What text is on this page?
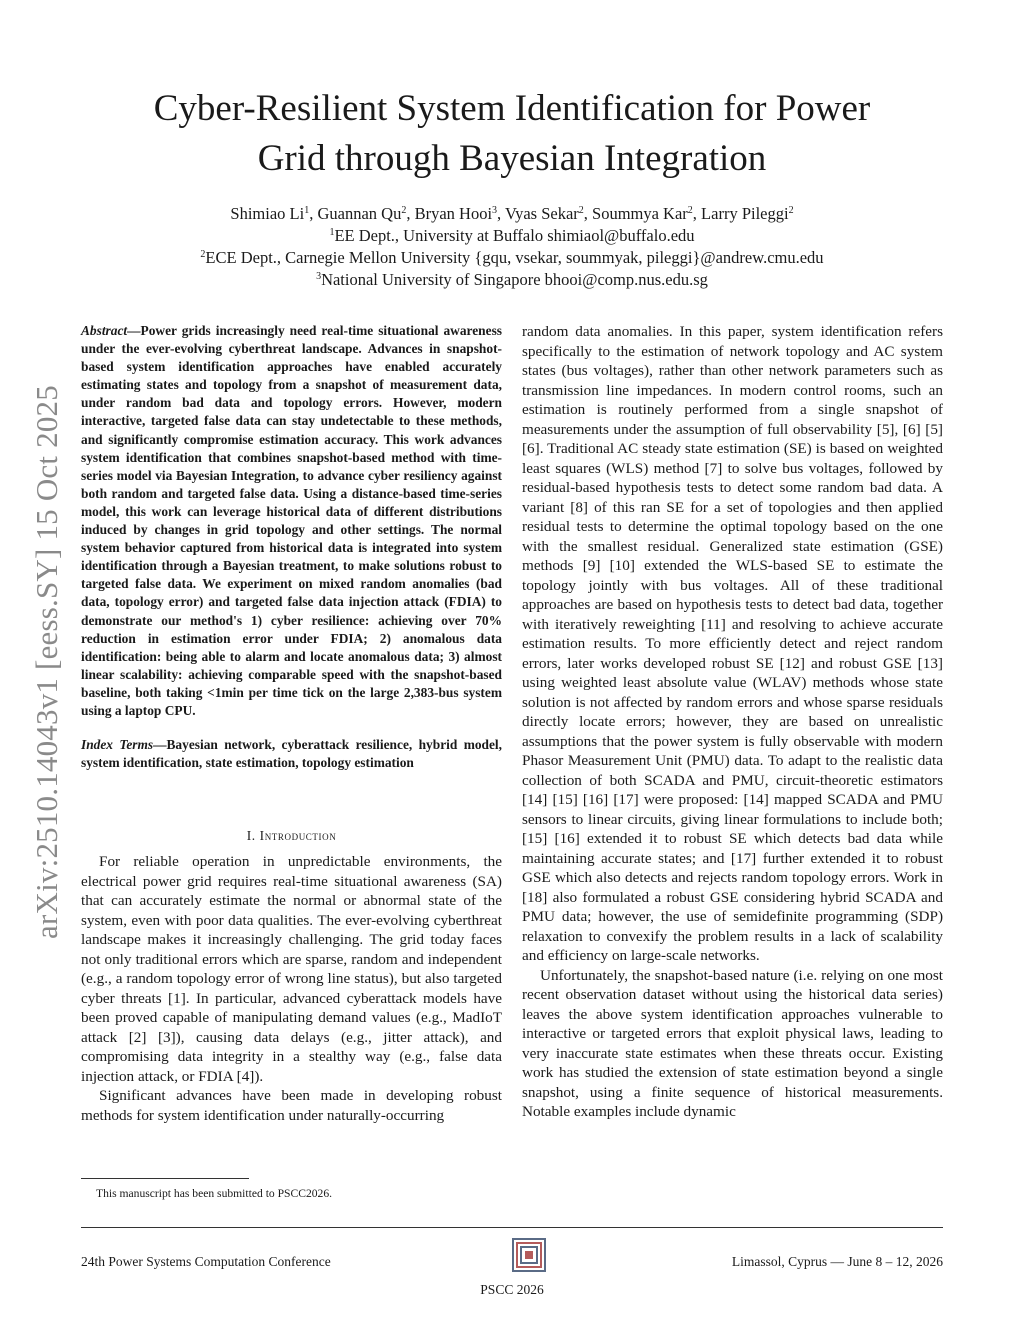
arXiv:2510.14043v1 [eess.SY] 15 Oct 2025
Cyber-Resilient System Identification for Power
Grid through Bayesian Integration
Shimiao Li$^1$, Guannan Qu$^2$, Bryan Hooi$^3$, Vyas Sekar$^2$, Soummya Kar$^2$, Larry Pileggi$^2$
$^1$EE Dept., University at Buffalo shimiaol@buffalo.edu
$^2$ECE Dept., Carnegie Mellon University {gqu, vsekar, soummyak, pileggi}@andrew.cmu.edu
$^3$National University of Singapore bhooi@comp.nus.edu.sg

Abstract—Power grids increasingly need real-time situational awareness under the ever-evolving cyberthreat landscape. Advances in snapshot-based system identification approaches have enabled accurately estimating states and topology from a snapshot of measurement data, under random bad data and topology errors. However, modern interactive, targeted false data can stay undetectable to these methods, and significantly compromise estimation accuracy. This work advances system identification that combines snapshot-based method with time-series model via Bayesian Integration, to advance cyber resiliency against both random and targeted false data. Using a distance-based time-series model, this work can leverage historical data of different distributions induced by changes in grid topology and other settings. The normal system behavior captured from historical data is integrated into system identification through a Bayesian treatment, to make solutions robust to targeted false data. We experiment on mixed random anomalies (bad data, topology error) and targeted false data injection attack (FDIA) to demonstrate our method's 1) cyber resilience: achieving over 70% reduction in estimation error under FDIA; 2) anomalous data identification: being able to alarm and locate anomalous data; 3) almost linear scalability: achieving comparable speed with the snapshot-based baseline, both taking <1min per time tick on the large 2,383-bus system using a laptop CPU.

Index Terms—Bayesian network, cyberattack resilience, hybrid model, system identification, state estimation, topology estimation

I. Introduction

For reliable operation in unpredictable environments, the electrical power grid requires real-time situational awareness (SA) that can accurately estimate the normal or abnormal state of the system, even with poor data qualities. The ever-evolving cyberthreat landscape makes it increasingly challenging. The grid today faces not only traditional errors which are sparse, random and independent (e.g., a random topology error of wrong line status), but also targeted cyber threats [1]. In particular, advanced cyberattack models have been proved capable of manipulating demand values (e.g., MadIoT attack [2] [3]), causing data delays (e.g., jitter attack), and compromising data integrity in a stealthy way (e.g., false data injection attack, or FDIA [4]).

Significant advances have been made in developing robust methods for system identification under naturally-occurring

random data anomalies. In this paper, system identification refers specifically to the estimation of network topology and AC system states (bus voltages), rather than other network parameters such as transmission line impedances. In modern control rooms, such an estimation is routinely performed from a single snapshot of measurements under the assumption of full observability [5], [6] [5] [6]. Traditional AC steady state estimation (SE) is based on weighted least squares (WLS) method [7] to solve bus voltages, followed by residual-based hypothesis tests to detect some random bad data. A variant [8] of this ran SE for a set of topologies and then applied residual tests to determine the optimal topology based on the one with the smallest residual. Generalized state estimation (GSE) methods [9] [10] extended the WLS-based SE to estimate the topology jointly with bus voltages. All of these traditional approaches are based on hypothesis tests to detect bad data, together with iteratively reweighting [11] and resolving to achieve accurate estimation results. To more efficiently detect and reject random errors, later works developed robust SE [12] and robust GSE [13] using weighted least absolute value (WLAV) methods whose state solution is not affected by random errors and whose sparse residuals directly locate errors; however, they are based on unrealistic assumptions that the power system is fully observable with modern Phasor Measurement Unit (PMU) data. To adapt to the realistic data collection of both SCADA and PMU, circuit-theoretic estimators [14] [15] [16] [17] were proposed: [14] mapped SCADA and PMU sensors to linear circuits, giving linear formulations to include both; [15] [16] extended it to robust SE which detects bad data while maintaining accurate states; and [17] further extended it to robust GSE which also detects and rejects random topology errors. Work in [18] also formulated a robust GSE considering hybrid SCADA and PMU data; however, the use of semidefinite programming (SDP) relaxation to convexify the problem results in a lack of scalability and efficiency on large-scale networks.

Unfortunately, the snapshot-based nature (i.e. relying on one most recent observation dataset without using the historical data series) leaves the above system identification approaches vulnerable to interactive or targeted errors that exploit physical laws, leading to very inaccurate state estimates when these threats occur. Existing work has studied the extension of state estimation beyond a single snapshot, using a finite sequence of historical measurements. Notable examples include dynamic

This manuscript has been submitted to PSCC2026.
24th Power Systems Computation Conference	Limassol, Cyprus — June 8 – 12, 2026
PSCC 2026
